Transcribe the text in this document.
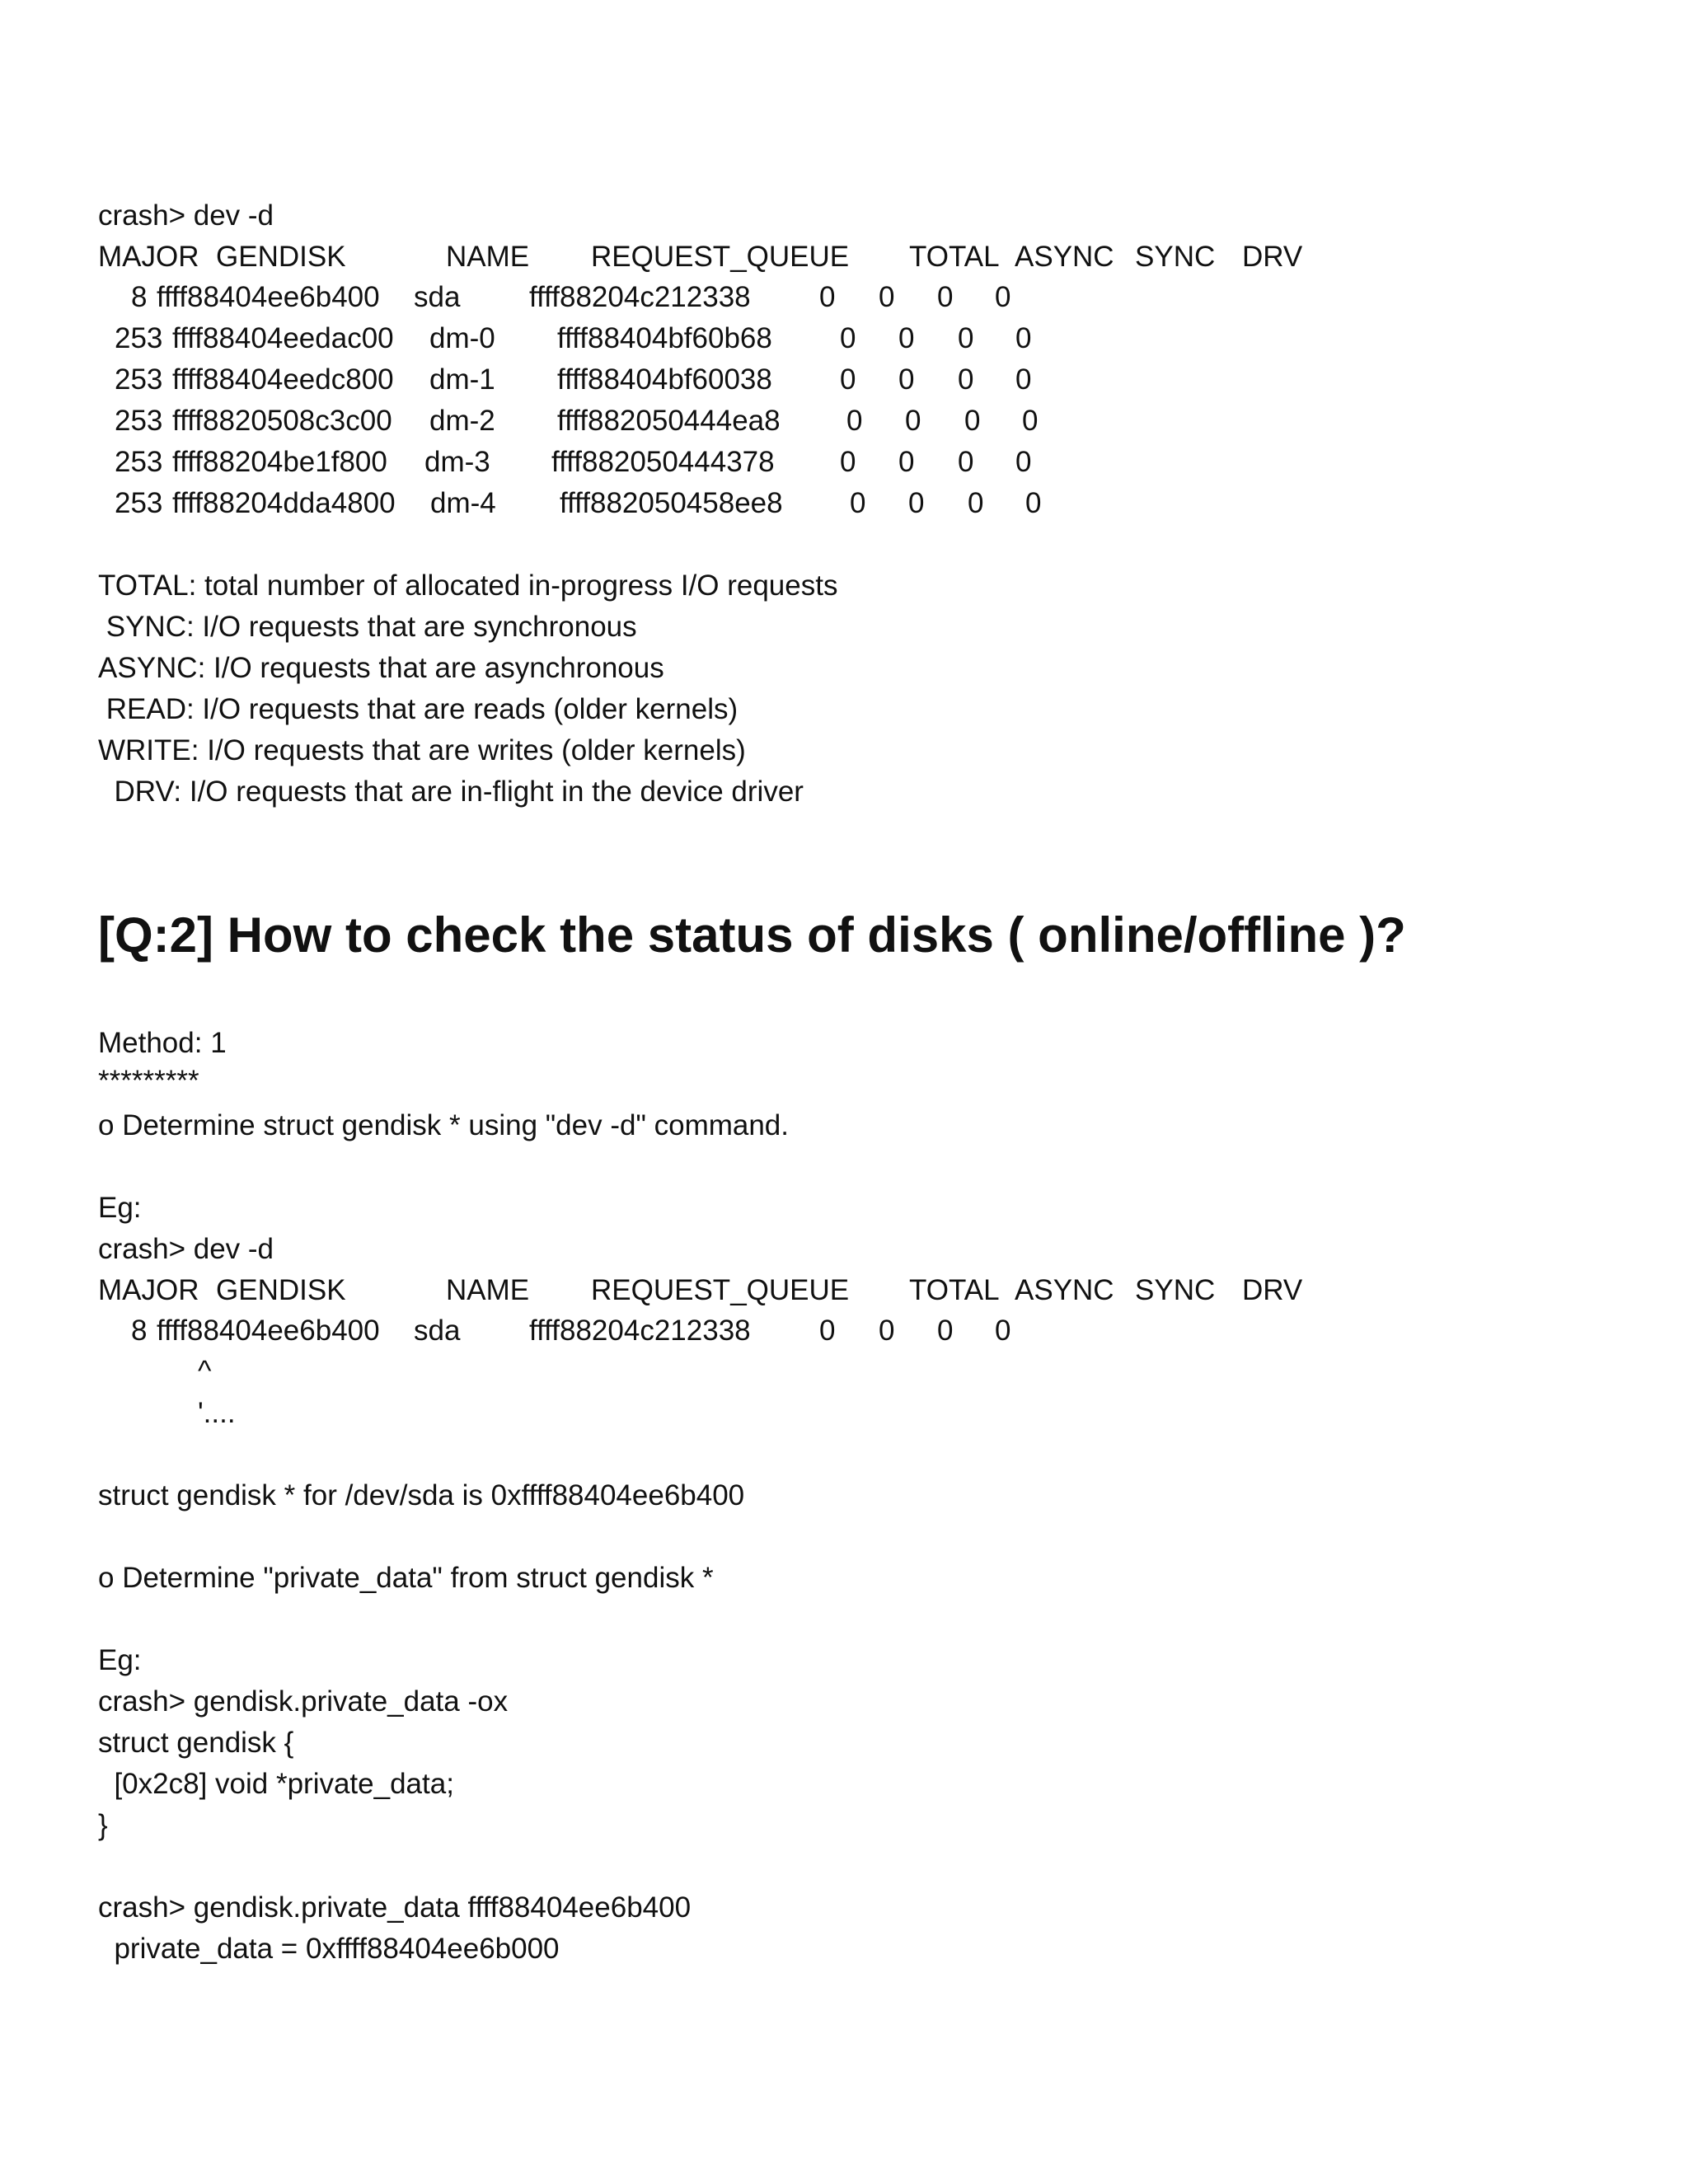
crash> dev -d

MAJOR GENDISK	NAME REQUEST_QUEUE TOTAL ASYNC SYNC DRV
8 ffff88404ee6b400 sda ffff88204c212338 0 0 0 0
253 ffff88404eedac00 dm-0 ffff88404bf60b68 0 0 0 0
253 ffff88404eedc800 dm-1 ffff88404bf60038 0 0 0 0
253 ffff8820508c3c00 dm-2 ffff882050444ea8 0 0 0 0
253 ffff88204be1f800 dm-3 ffff882050444378 0 0 0 0
253 ffff88204dda4800 dm-4 ffff882050458ee8 0 0 0 0

TOTAL: total number of allocated in-progress I/O requests

SYNC: I/O requests that are synchronous

ASYNC: I/O requests that are asynchronous

READ: I/O requests that are reads (older kernels)

WRITE: I/O requests that are writes (older kernels)

DRV: I/O requests that are in-flight in the device driver

[Q:2] How to check the status of disks ( online/offline )?

Method: 1

*********

o Determine struct gendisk * using "dev -d" command.

Eg:

crash> dev -d

MAJOR GENDISK	NAME REQUEST_QUEUE TOTAL ASYNC SYNC DRV
8 ffff88404ee6b400 sda ffff88204c212338 0 0 0 0
^
'....

struct gendisk * for /dev/sda is 0xffff88404ee6b400

o Determine "private_data" from struct gendisk *

Eg:

crash> gendisk.private_data -ox

struct gendisk {

[0x2c8] void *private_data;

}

crash> gendisk.private_data ffff88404ee6b400

private_data = 0xffff88404ee6b000
